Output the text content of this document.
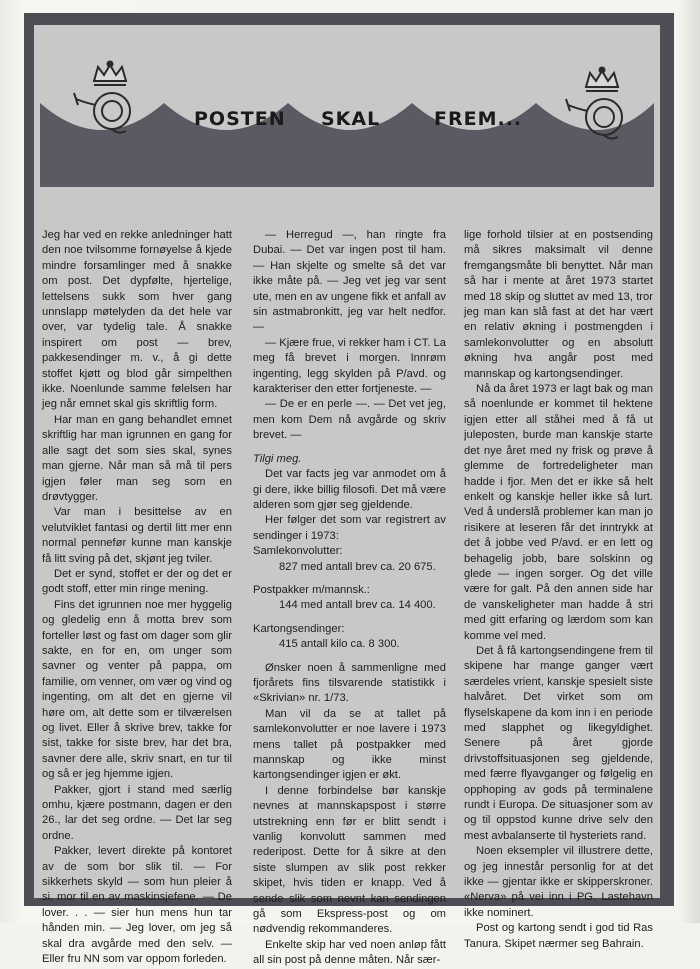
POSTEN SKAL	FREM...

Jeg har ved en rekke anledninger hatt den noe tvilsomme fornøyelse å kjede mindre forsamlinger med å snakke om post. Det dypfølte, hjertelige, lettelsens sukk som hver gang unnslapp møtelyden da det hele var over, var tydelig tale. Å snakke inspirert om post — brev, pakkesendinger m. v., å gi dette stoffet kjøtt og blod går simpelthen ikke. Noenlunde samme følelsen har jeg når emnet skal gis skriftlig form.

Har man en gang behandlet emnet skriftlig har man igrunnen en gang for alle sagt det som sies skal, synes man gjerne. Når man så må til pers igjen føler man seg som en drøvtygger.

Var man i besittelse av en velutviklet fantasi og dertil litt mer enn normal pennefør kunne man kanskje få litt sving på det, skjønt jeg tviler.

Det er synd, stoffet er der og det er godt stoff, etter min ringe mening.

Fins det igrunnen noe mer hyggelig og gledelig enn å motta brev som forteller løst og fast om dager som glir sakte, en for en, om unger som savner og venter på pappa, om familie, om venner, om vær og vind og ingenting, om alt det en gjerne vil høre om, alt dette som er tilværelsen og livet. Eller å skrive brev, takke for sist, takke for siste brev, har det bra, savner dere alle, skriv snart, en tur til og så er jeg hjemme igjen.

Pakker, gjort i stand med særlig omhu, kjære postmann, dagen er den 26., lar det seg ordne. — Det lar seg ordne.

Pakker, levert direkte på kontoret av de som bor slik til. — For sikkerhets skyld — som hun pleier å si, mor til en av maskinsjefene. — De lover. . . — sier hun mens hun tar hånden min. — Jeg lover, om jeg så skal dra avgårde med den selv. — Eller fru NN som var oppom forleden.

— Herregud —, han ringte fra Dubai. — Det var ingen post til ham. — Han skjelte og smelte så det var ikke måte på. — Jeg vet jeg var sent ute, men en av ungene fikk et anfall av sin astmabronkitt, jeg var helt nedfor. —

— Kjære frue, vi rekker ham i CT. La meg få brevet i morgen. Innrøm ingenting, legg skylden på P/avd. og karakteriser den etter fortjeneste. —

— De er en perle —. — Det vet jeg, men kom Dem nå avgårde og skriv brevet. —

Tilgi meg.

Det var facts jeg var anmodet om å gi dere, ikke billig filosofi. Det må være alderen som gjør seg gjeldende.

Her følger det som var registrert av sendinger i 1973:

Samlekonvolutter:

827 med antall brev ca. 20 675.

Postpakker m/mannsk.:

144 med antall brev ca. 14 400.

Kartongsendinger:

415 antall kilo ca. 8 300.

Ønsker noen å sammenligne med fjorårets fins tilsvarende statistikk i «Skrivian» nr. 1/73.

Man vil da se at tallet på samlekonvolutter er noe lavere i 1973 mens tallet på postpakker med mannskap og ikke minst kartongsendinger igjen er økt.

I denne forbindelse bør kanskje nevnes at mannskapspost i større utstrekning enn før er blitt sendt i vanlig konvolutt sammen med rederipost. Dette for å sikre at den siste slumpen av slik post rekker skipet, hvis tiden er knapp. Ved å sende slik som nevnt kan sendingen gå som Ekspress-post og om nødvendig rekommanderes.

Enkelte skip har ved noen anløp fått all sin post på denne måten. Når sær-

lige forhold tilsier at en postsending må sikres maksimalt vil denne fremgangsmåte bli benyttet. Når man så har i mente at året 1973 startet med 18 skip og sluttet av med 13, tror jeg man kan slå fast at det har vært en relativ økning i postmengden i samlekonvolutter og en absolutt økning hva angår post med mannskap og kartongsendinger.

Nå da året 1973 er lagt bak og man så noenlunde er kommet til hektene igjen etter all ståhei med å få ut juleposten, burde man kanskje starte det nye året med ny frisk og prøve å glemme de fortredeligheter man hadde i fjor. Men det er ikke så helt enkelt og kanskje heller ikke så lurt. Ved å underslå problemer kan man jo risikere at leseren får det inntrykk at det å jobbe ved P/avd. er en lett og behagelig jobb, bare solskinn og glede — ingen sorger. Og det ville være for galt. På den annen side har de vanskeligheter man hadde å stri med gitt erfaring og lærdom som kan komme vel med.

Det å få kartongsendingene frem til skipene har mange ganger vært særdeles vrient, kanskje spesielt siste halvåret. Det virket som om flyselskapene da kom inn i en periode med slapphet og likegyldighet. Senere på året gjorde drivstoffsituasjonen seg gjeldende, med færre flyavganger og følgelig en opphoping av gods på terminalene rundt i Europa. De situasjoner som av og til oppstod kunne drive selv den mest avbalanserte til hysteriets rand.

Noen eksempler vil illustrere dette, og jeg innestår personlig for at det ikke — gjentar ikke er skipperskroner. «Nerva» på vei inn i PG. Lastehavn ikke nominert.

Post og kartong sendt i god tid Ras Tanura. Skipet nærmer seg Bahrain.
